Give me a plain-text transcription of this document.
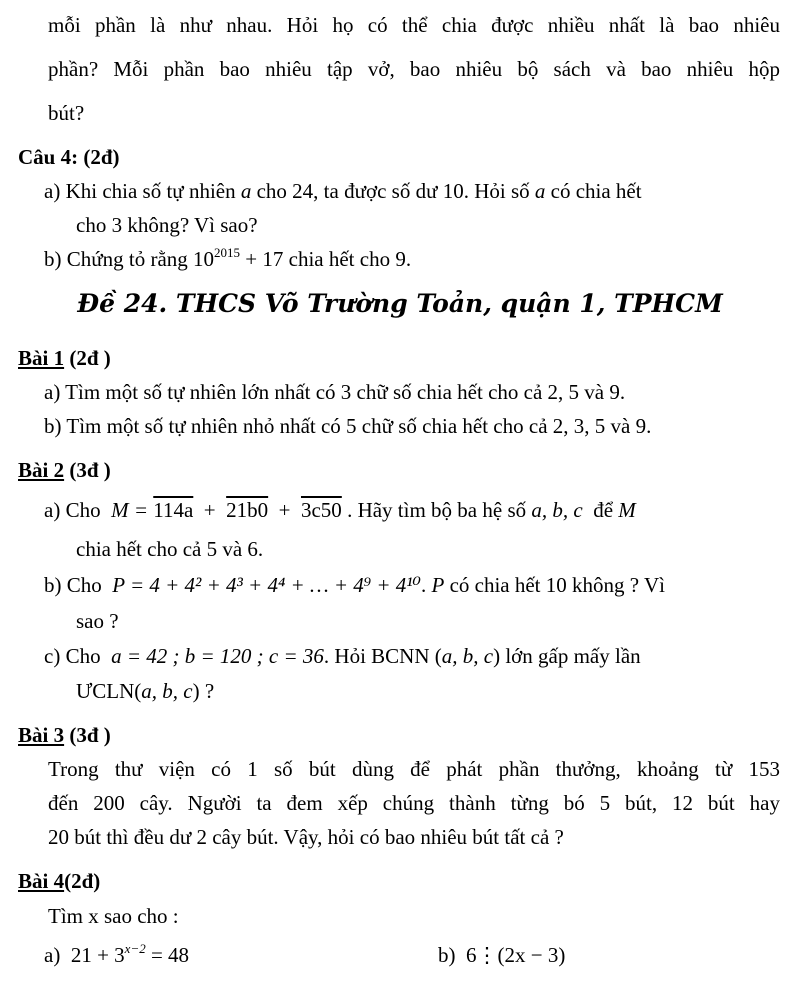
mỗi phần là như nhau. Hỏi họ có thể chia được nhiều nhất là bao nhiêu
phần? Mỗi phần bao nhiêu tập vở, bao nhiêu bộ sách và bao nhiêu hộp
bút?
Câu 4: (2đ)
a) Khi chia số tự nhiên a cho 24, ta được số dư 10. Hỏi số a có chia hết
cho 3 không? Vì sao?
b) Chứng tỏ rằng $10^{2015} + 17$ chia hết cho 9.
Đề 24. THCS Võ Trường Toản, quận 1, TPHCM
Bài 1 (2đ )
a) Tìm một số tự nhiên lớn nhất có 3 chữ số chia hết cho cả 2, 5 và 9.
b) Tìm một số tự nhiên nhỏ nhất có 5 chữ số chia hết cho cả 2, 3, 5 và 9.
Bài 2 (3đ )
a) Cho M = 114a + 21b0 + 3c50 . Hãy tìm bộ ba hệ số a, b, c để M
chia hết cho cả 5 và 6.
b) Cho P = 4 + 4² + 4³ + 4⁴ + … + 4⁹ + 4¹⁰. P có chia hết 10 không ? Vì
sao ?
c) Cho a = 42 ; b = 120 ; c = 36. Hỏi BCNN (a, b, c) lớn gấp mấy lần
ƯCLN(a, b, c) ?
Bài 3 (3đ )
Trong thư viện có 1 số bút dùng để phát phần thưởng, khoảng từ 153
đến 200 cây. Người ta đem xếp chúng thành từng bó 5 bút, 12 bút hay
20 bút thì đều dư 2 cây bút. Vậy, hỏi có bao nhiêu bút tất cả ?
Bài 4(2đ)
Tìm x sao cho :
a) $21 + 3^{x-2} = 48$	b) 6⋮(2x − 3)
